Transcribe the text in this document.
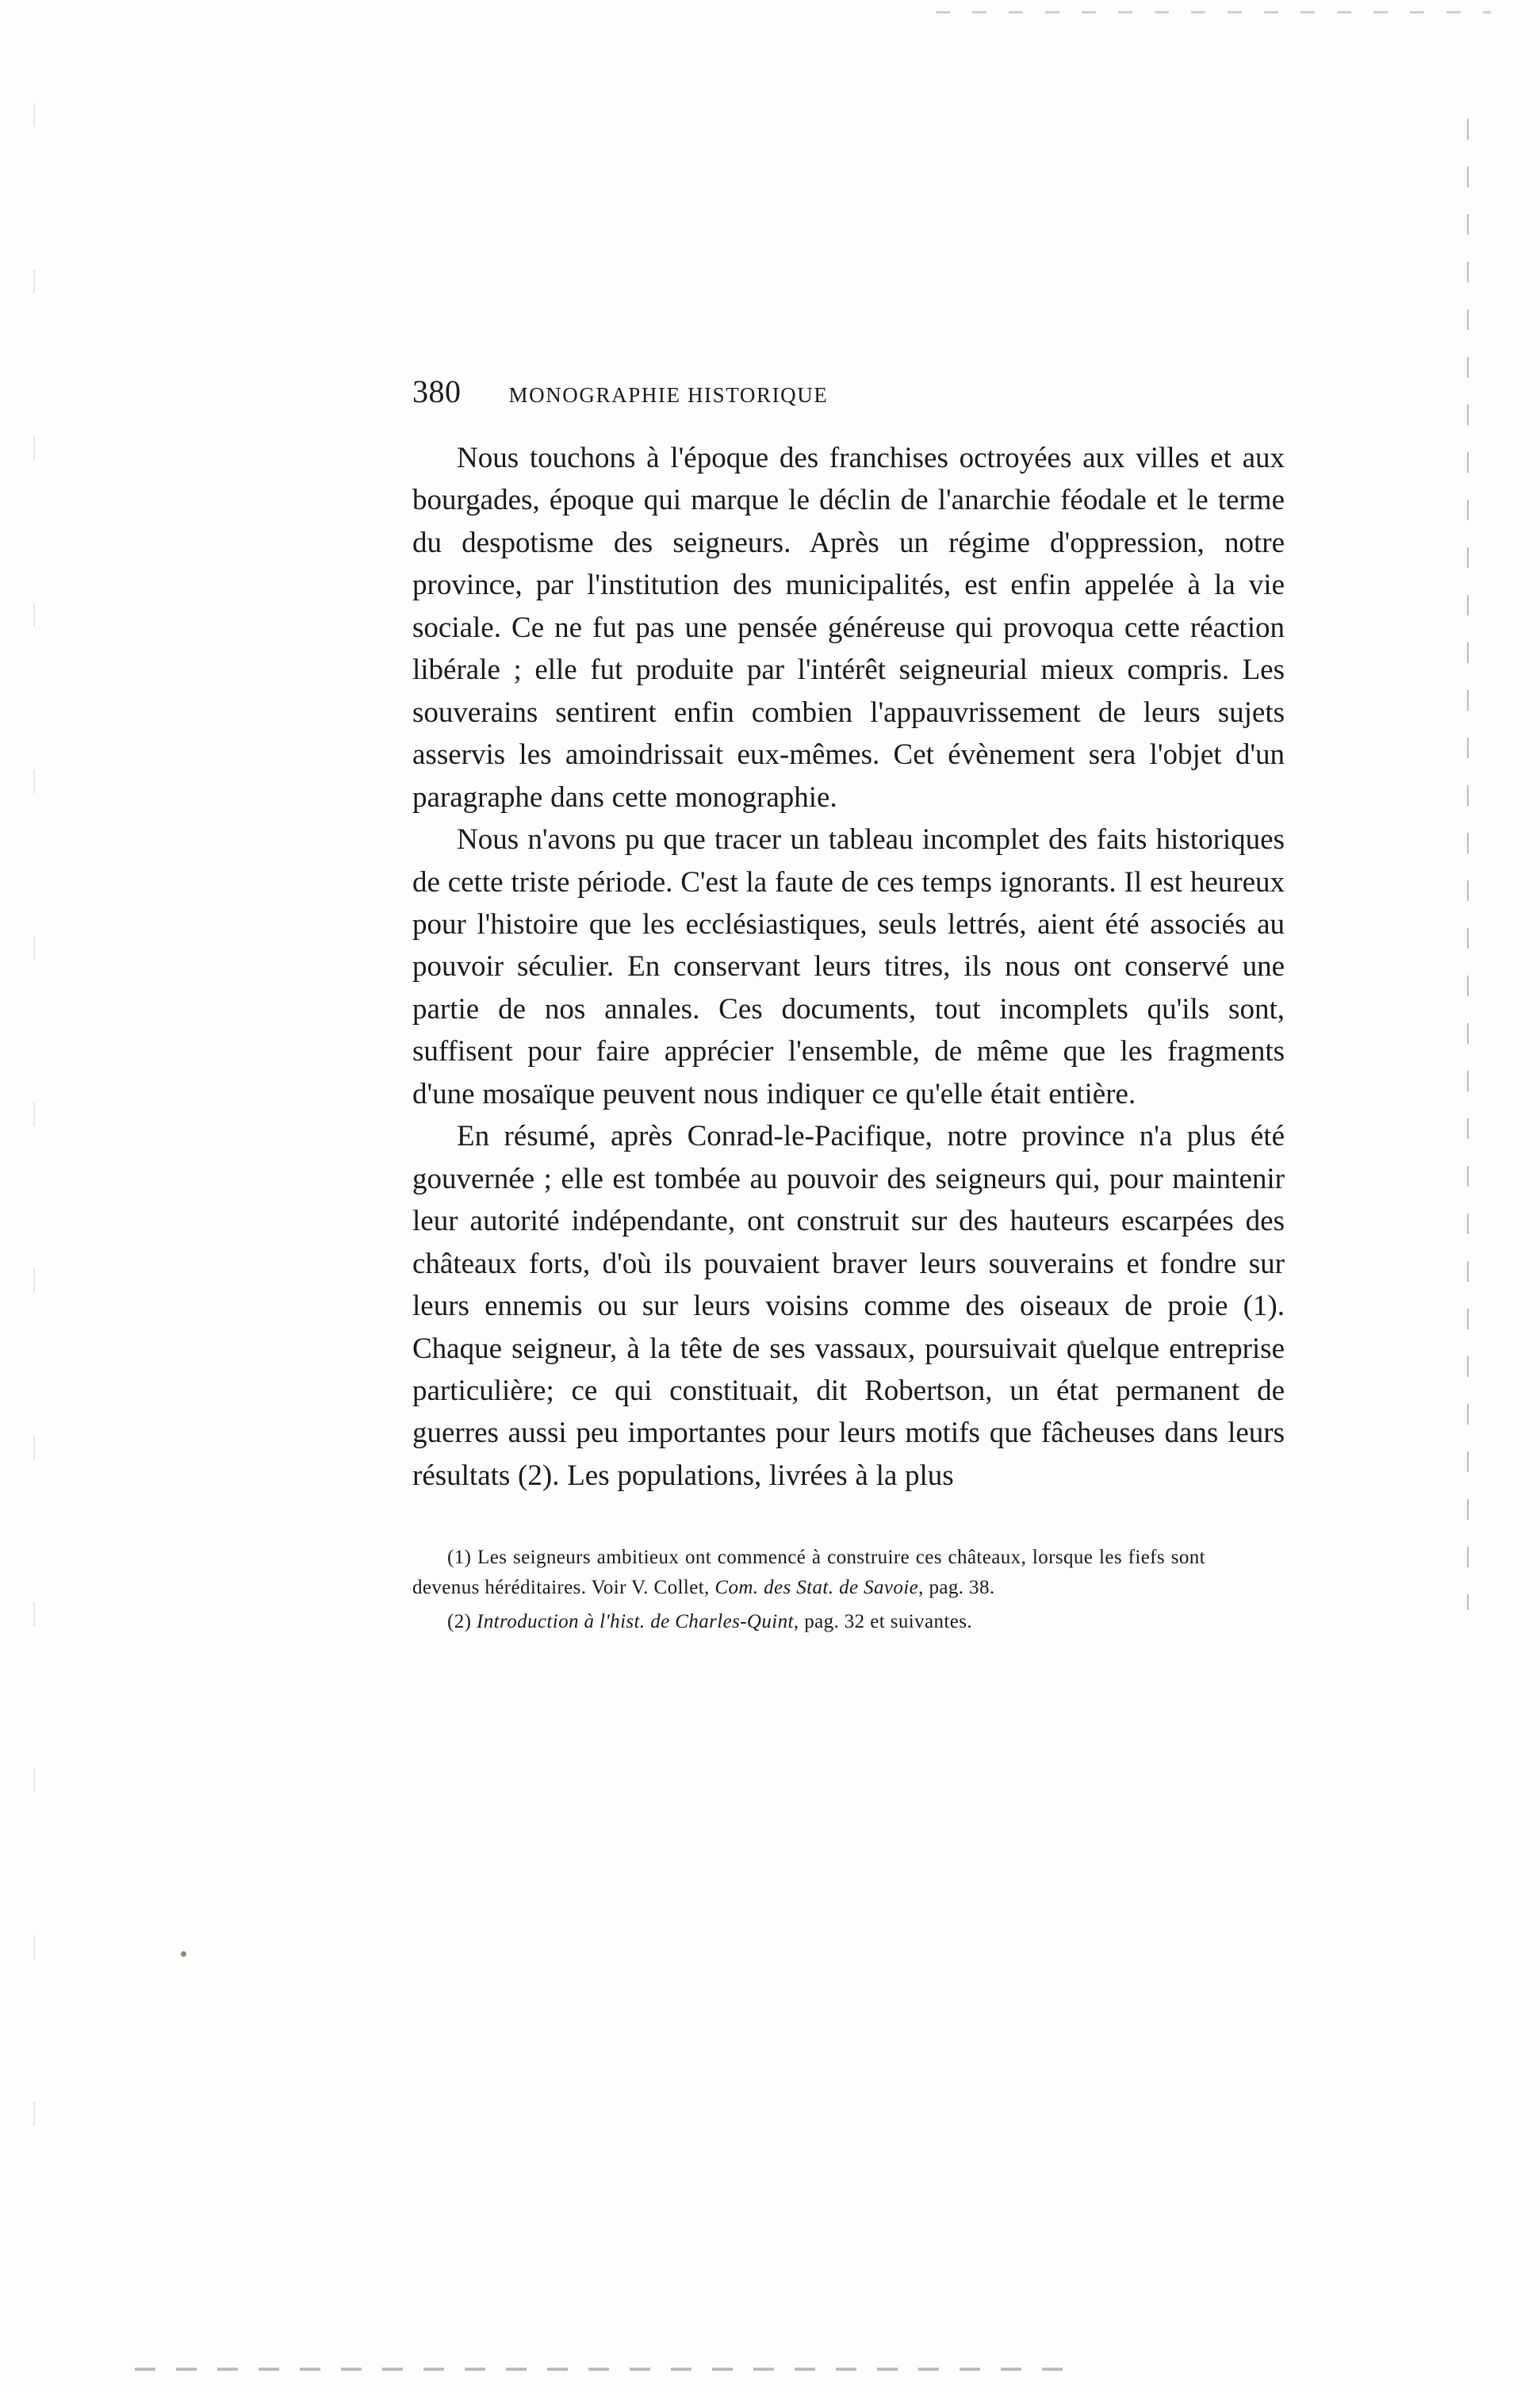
380 MONOGRAPHIE HISTORIQUE

Nous touchons à l'époque des franchises octroyées aux villes et aux bourgades, époque qui marque le déclin de l'anarchie féodale et le terme du despotisme des seigneurs. Après un régime d'oppression, notre province, par l'institution des municipalités, est enfin appelée à la vie sociale. Ce ne fut pas une pensée généreuse qui provoqua cette réaction libérale ; elle fut produite par l'intérêt seigneurial mieux compris. Les souverains sentirent enfin combien l'appauvrissement de leurs sujets asservis les amoindrissait eux-mêmes. Cet évènement sera l'objet d'un paragraphe dans cette monographie.

Nous n'avons pu que tracer un tableau incomplet des faits historiques de cette triste période. C'est la faute de ces temps ignorants. Il est heureux pour l'histoire que les ecclésiastiques, seuls lettrés, aient été associés au pouvoir séculier. En conservant leurs titres, ils nous ont conservé une partie de nos annales. Ces documents, tout incomplets qu'ils sont, suffisent pour faire apprécier l'ensemble, de même que les fragments d'une mosaïque peuvent nous indiquer ce qu'elle était entière.

En résumé, après Conrad-le-Pacifique, notre province n'a plus été gouvernée ; elle est tombée au pouvoir des seigneurs qui, pour maintenir leur autorité indépendante, ont construit sur des hauteurs escarpées des châteaux forts, d'où ils pouvaient braver leurs souverains et fondre sur leurs ennemis ou sur leurs voisins comme des oiseaux de proie (1). Chaque seigneur, à la tête de ses vassaux, poursuivait quelque entreprise particulière; ce qui constituait, dit Robertson, un état permanent de guerres aussi peu importantes pour leurs motifs que fâcheuses dans leurs résultats (2). Les populations, livrées à la plus

(1) Les seigneurs ambitieux ont commencé à construire ces châteaux, lorsque les fiefs sont devenus héréditaires. Voir V. Collet, Com. des Stat. de Savoie, pag. 38.

(2) Introduction à l'hist. de Charles-Quint, pag. 32 et suivantes.
